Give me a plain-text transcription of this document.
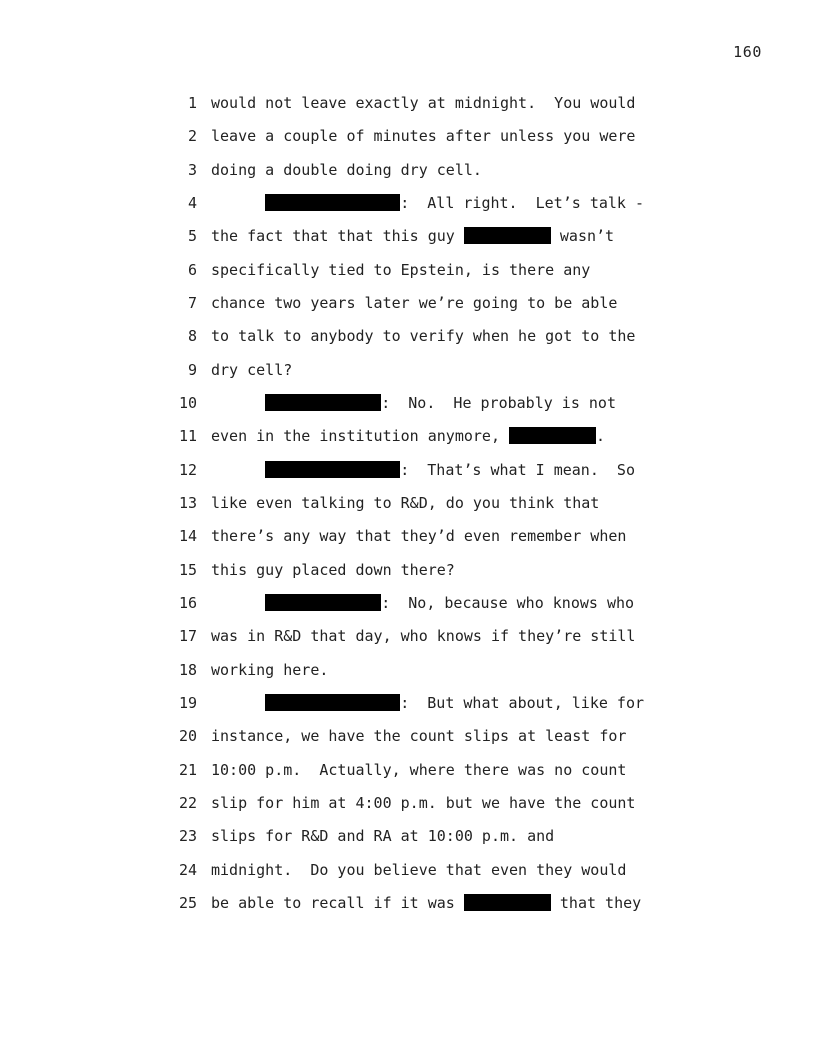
160
1 would not leave exactly at midnight.  You would
2 leave a couple of minutes after unless you were
3 doing a double doing dry cell.
4	:  All right.  Let’s talk -
5 the fact that that this guy	wasn’t
6 specifically tied to Epstein, is there any
7 chance two years later we’re going to be able
8 to talk to anybody to verify when he got to the
9 dry cell?
10	:  No.  He probably is not
11 even in the institution anymore,	.
12	:  That’s what I mean.  So
13 like even talking to R&D, do you think that
14 there’s any way that they’d even remember when
15 this guy placed down there?
16	:  No, because who knows who
17 was in R&D that day, who knows if they’re still
18 working here.
19	:  But what about, like for
20 instance, we have the count slips at least for
21 10:00 p.m.  Actually, where there was no count
22 slip for him at 4:00 p.m. but we have the count
23 slips for R&D and RA at 10:00 p.m. and
24 midnight.  Do you believe that even they would
25 be able to recall if it was	that they
